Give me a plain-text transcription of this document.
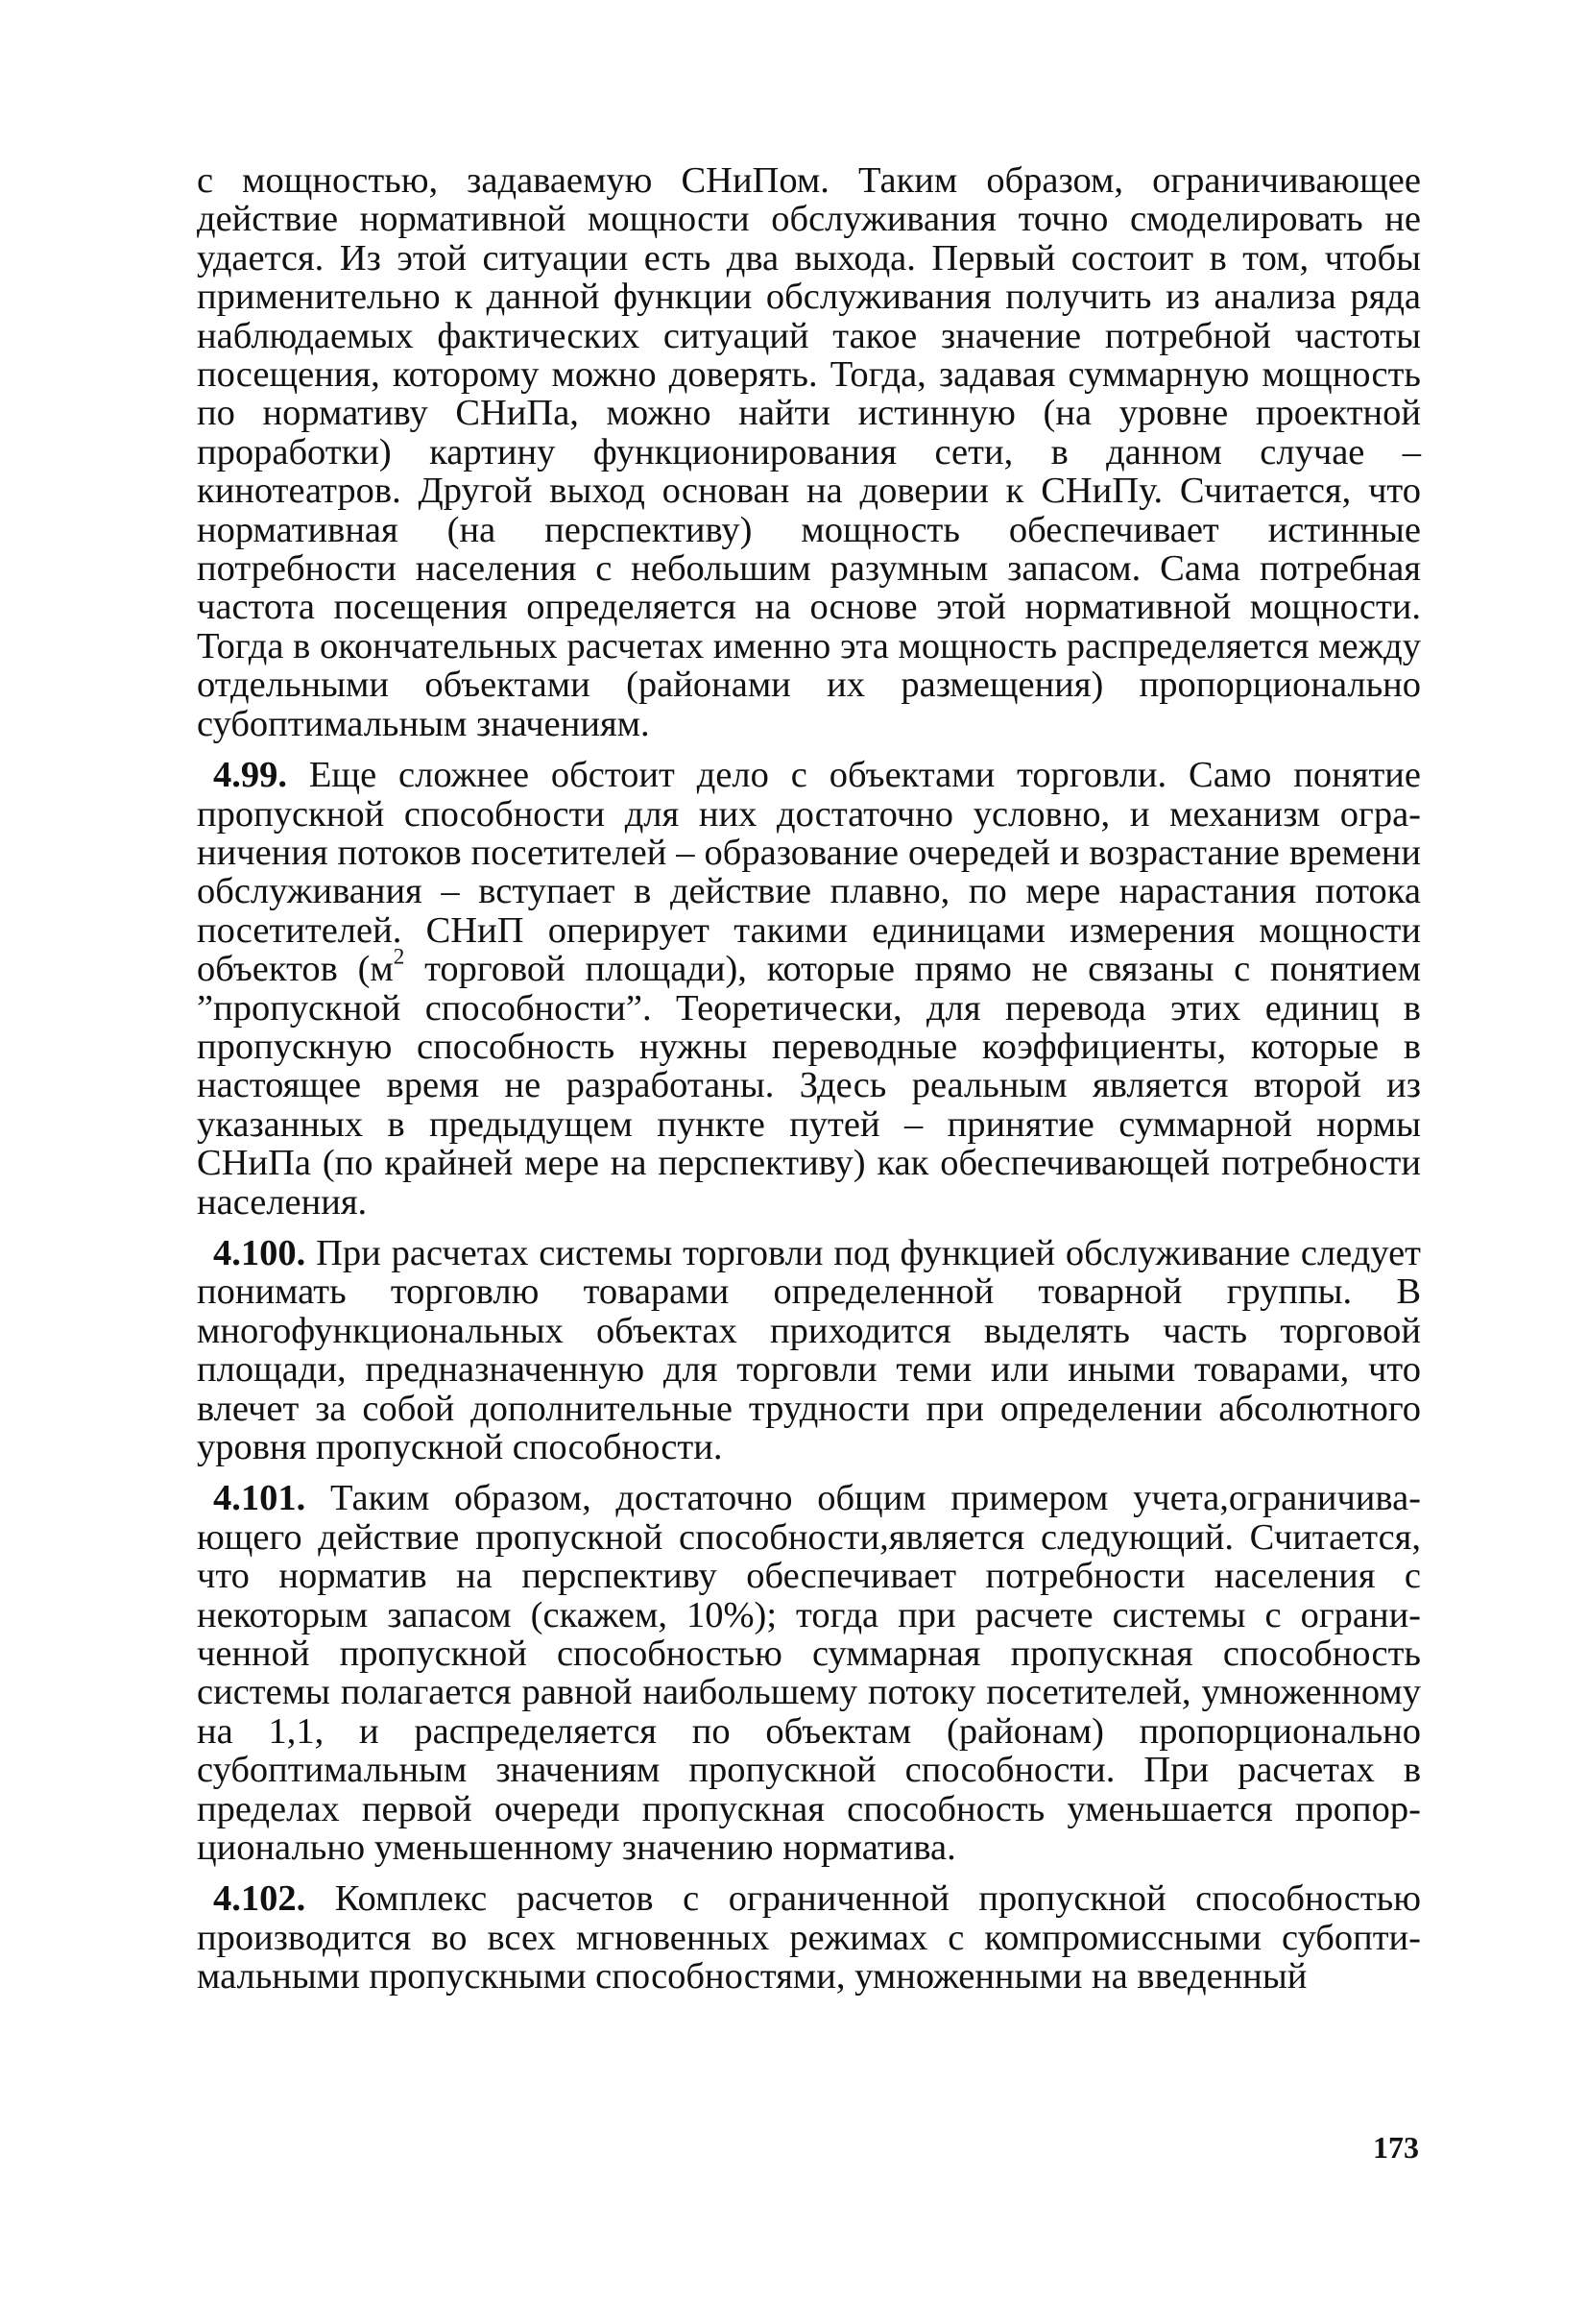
с мощностью, задаваемую СНиПом. Таким образом, ограничивающее действие нормативной мощности обслуживания точно смоделировать не удается. Из этой ситуации есть два выхода. Первый состоит в том, чтобы применительно к данной функции обслуживания получить из анализа ряда наблюдаемых фактических ситуаций такое значение потребной частоты посещения, которому можно доверять. Тогда, задавая суммарную мощность по нормативу СНиПа, можно найти истинную (на уровне проектной проработки) картину функционирования сети, в данном случае – кинотеатров. Другой выход основан на доверии к СНиПу. Считается, что нормативная (на перспективу) мощность обеспечивает истинные потребности населения с небольшим разумным запасом. Сама потребная частота посещения определяется на основе этой нормативной мощности. Тогда в окончательных расчетах именно эта мощность распределяется между отдельными объектами (районами их размещения) пропорционально субоптимальным значениям.

4.99. Еще сложнее обстоит дело с объектами торговли. Само понятие пропускной способности для них достаточно условно, и механизм ограничения потоков посетителей – образование очередей и возрастание времени обслуживания – вступает в действие плавно, по мере нарастания потока посетителей. СНиП оперирует такими единицами измерения мощности объектов ($м^2$ торговой площади), которые прямо не связаны с понятием ”пропускной способности”. Теоретически, для перевода этих единиц в пропускную способность нужны переводные коэффициенты, которые в настоящее время не разработаны. Здесь реальным является второй из указанных в предыдущем пункте путей – принятие суммарной нормы СНиПа (по крайней мере на перспективу) как обеспечивающей потребности населения.

4.100. При расчетах системы торговли под функцией обслуживание следует понимать торговлю товарами определенной товарной группы. В многофункциональных объектах приходится выделять часть торговой площади, предназначенную для торговли теми или иными товарами, что влечет за собой дополнительные трудности при определении абсолютного уровня пропускной способности.

4.101. Таким образом, достаточно общим примером учета,ограничивающего действие пропускной способности,является следующий. Считается, что норматив на перспективу обеспечивает потребности населения с некоторым запасом (скажем, 10%); тогда при расчете системы с ограниченной пропускной способностью суммарная пропускная способность системы полагается равной наибольшему потоку посетителей, умноженному на 1,1, и распределяется по объектам (районам) пропорционально субоптимальным значениям пропускной способности. При расчетах в пределах первой очереди пропускная способность уменьшается пропорционально уменьшенному значению норматива.

4.102. Комплекс расчетов с ограниченной пропускной способностью производится во всех мгновенных режимах с компромиссными субоптимальными пропускными способностями, умноженными на введенный

173
